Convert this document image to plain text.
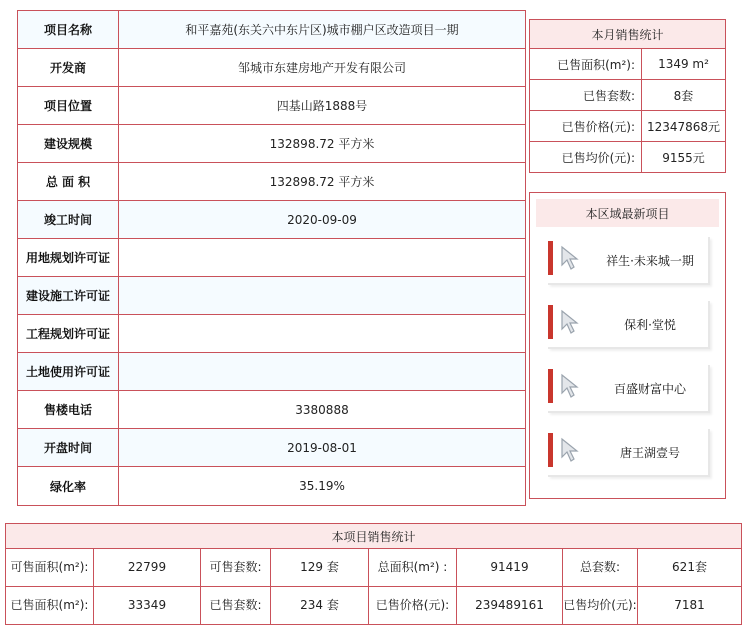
项目名称	和平嘉苑(东关六中东片区)城市棚户区改造项目一期
开发商	邹城市东建房地产开发有限公司
项目位置	四基山路1888号
建设规模	132898.72 平方米
总 面 积	132898.72 平方米
竣工时间	2020-09-09
用地规划许可证
建设施工许可证
工程规划许可证
土地使用许可证
售楼电话	3380888
开盘时间	2019-08-01
绿化率	35.19%
本月销售统计
已售面积(m²):	1349 m²
已售套数:	8套
已售价格(元): 12347868元
已售均价(元):	9155元
本区域最新项目
祥生·未来城一期
保利·堂悦
百盛财富中心
唐王湖壹号
本项目销售统计
可售面积(m²):	22799	可售套数:	129 套	总面积(m²) :	91419	总套数:	621套
已售面积(m²):	33349	已售套数:	234 套	已售价格(元):	239489161	已售均价(元):	7181
